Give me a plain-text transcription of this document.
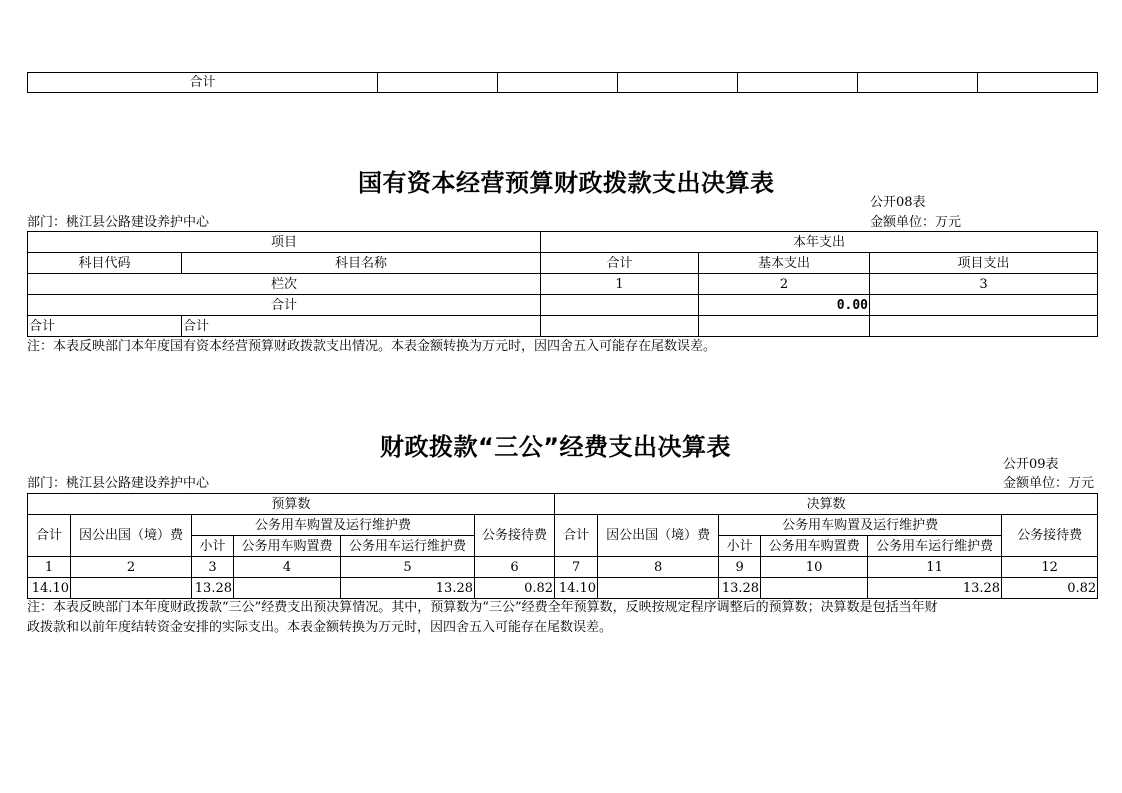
合计						
国有资本经营预算财政拨款支出决算表
公开08表
部门：桃江县公路建设养护中心	金额单位：万元
项目		本年支出		
科目代码	科目名称	合计	基本支出	项目支出
栏次		1	2	3
合计			0.00	
合计	合计			
注：本表反映部门本年度国有资本经营预算财政拨款支出情况。本表金额转换为万元时，因四舍五入可能存在尾数误差。
财政拨款“三公”经费支出决算表
公开09表
部门：桃江县公路建设养护中心	金额单位：万元
预算数						决算数					
合计	因公出国（境）费	公务用车购置及运行维护费			公务接待费	合计	因公出国（境）费	公务用车购置及运行维护费			公务接待费
		小计	公务用车购置费	公务用车运行维护费				小计	公务用车购置费	公务用车运行维护费	
1	2	3	4	5	6	7	8	9	10	11	12
14.10		13.28		13.28	0.82	14.10		13.28		13.28	0.82
注：本表反映部门本年度财政拨款“三公”经费支出预决算情况。其中，预算数为“三公”经费全年预算数，反映按规定程序调整后的预算数；决算数是包括当年财
政拨款和以前年度结转资金安排的实际支出。本表金额转换为万元时，因四舍五入可能存在尾数误差。
